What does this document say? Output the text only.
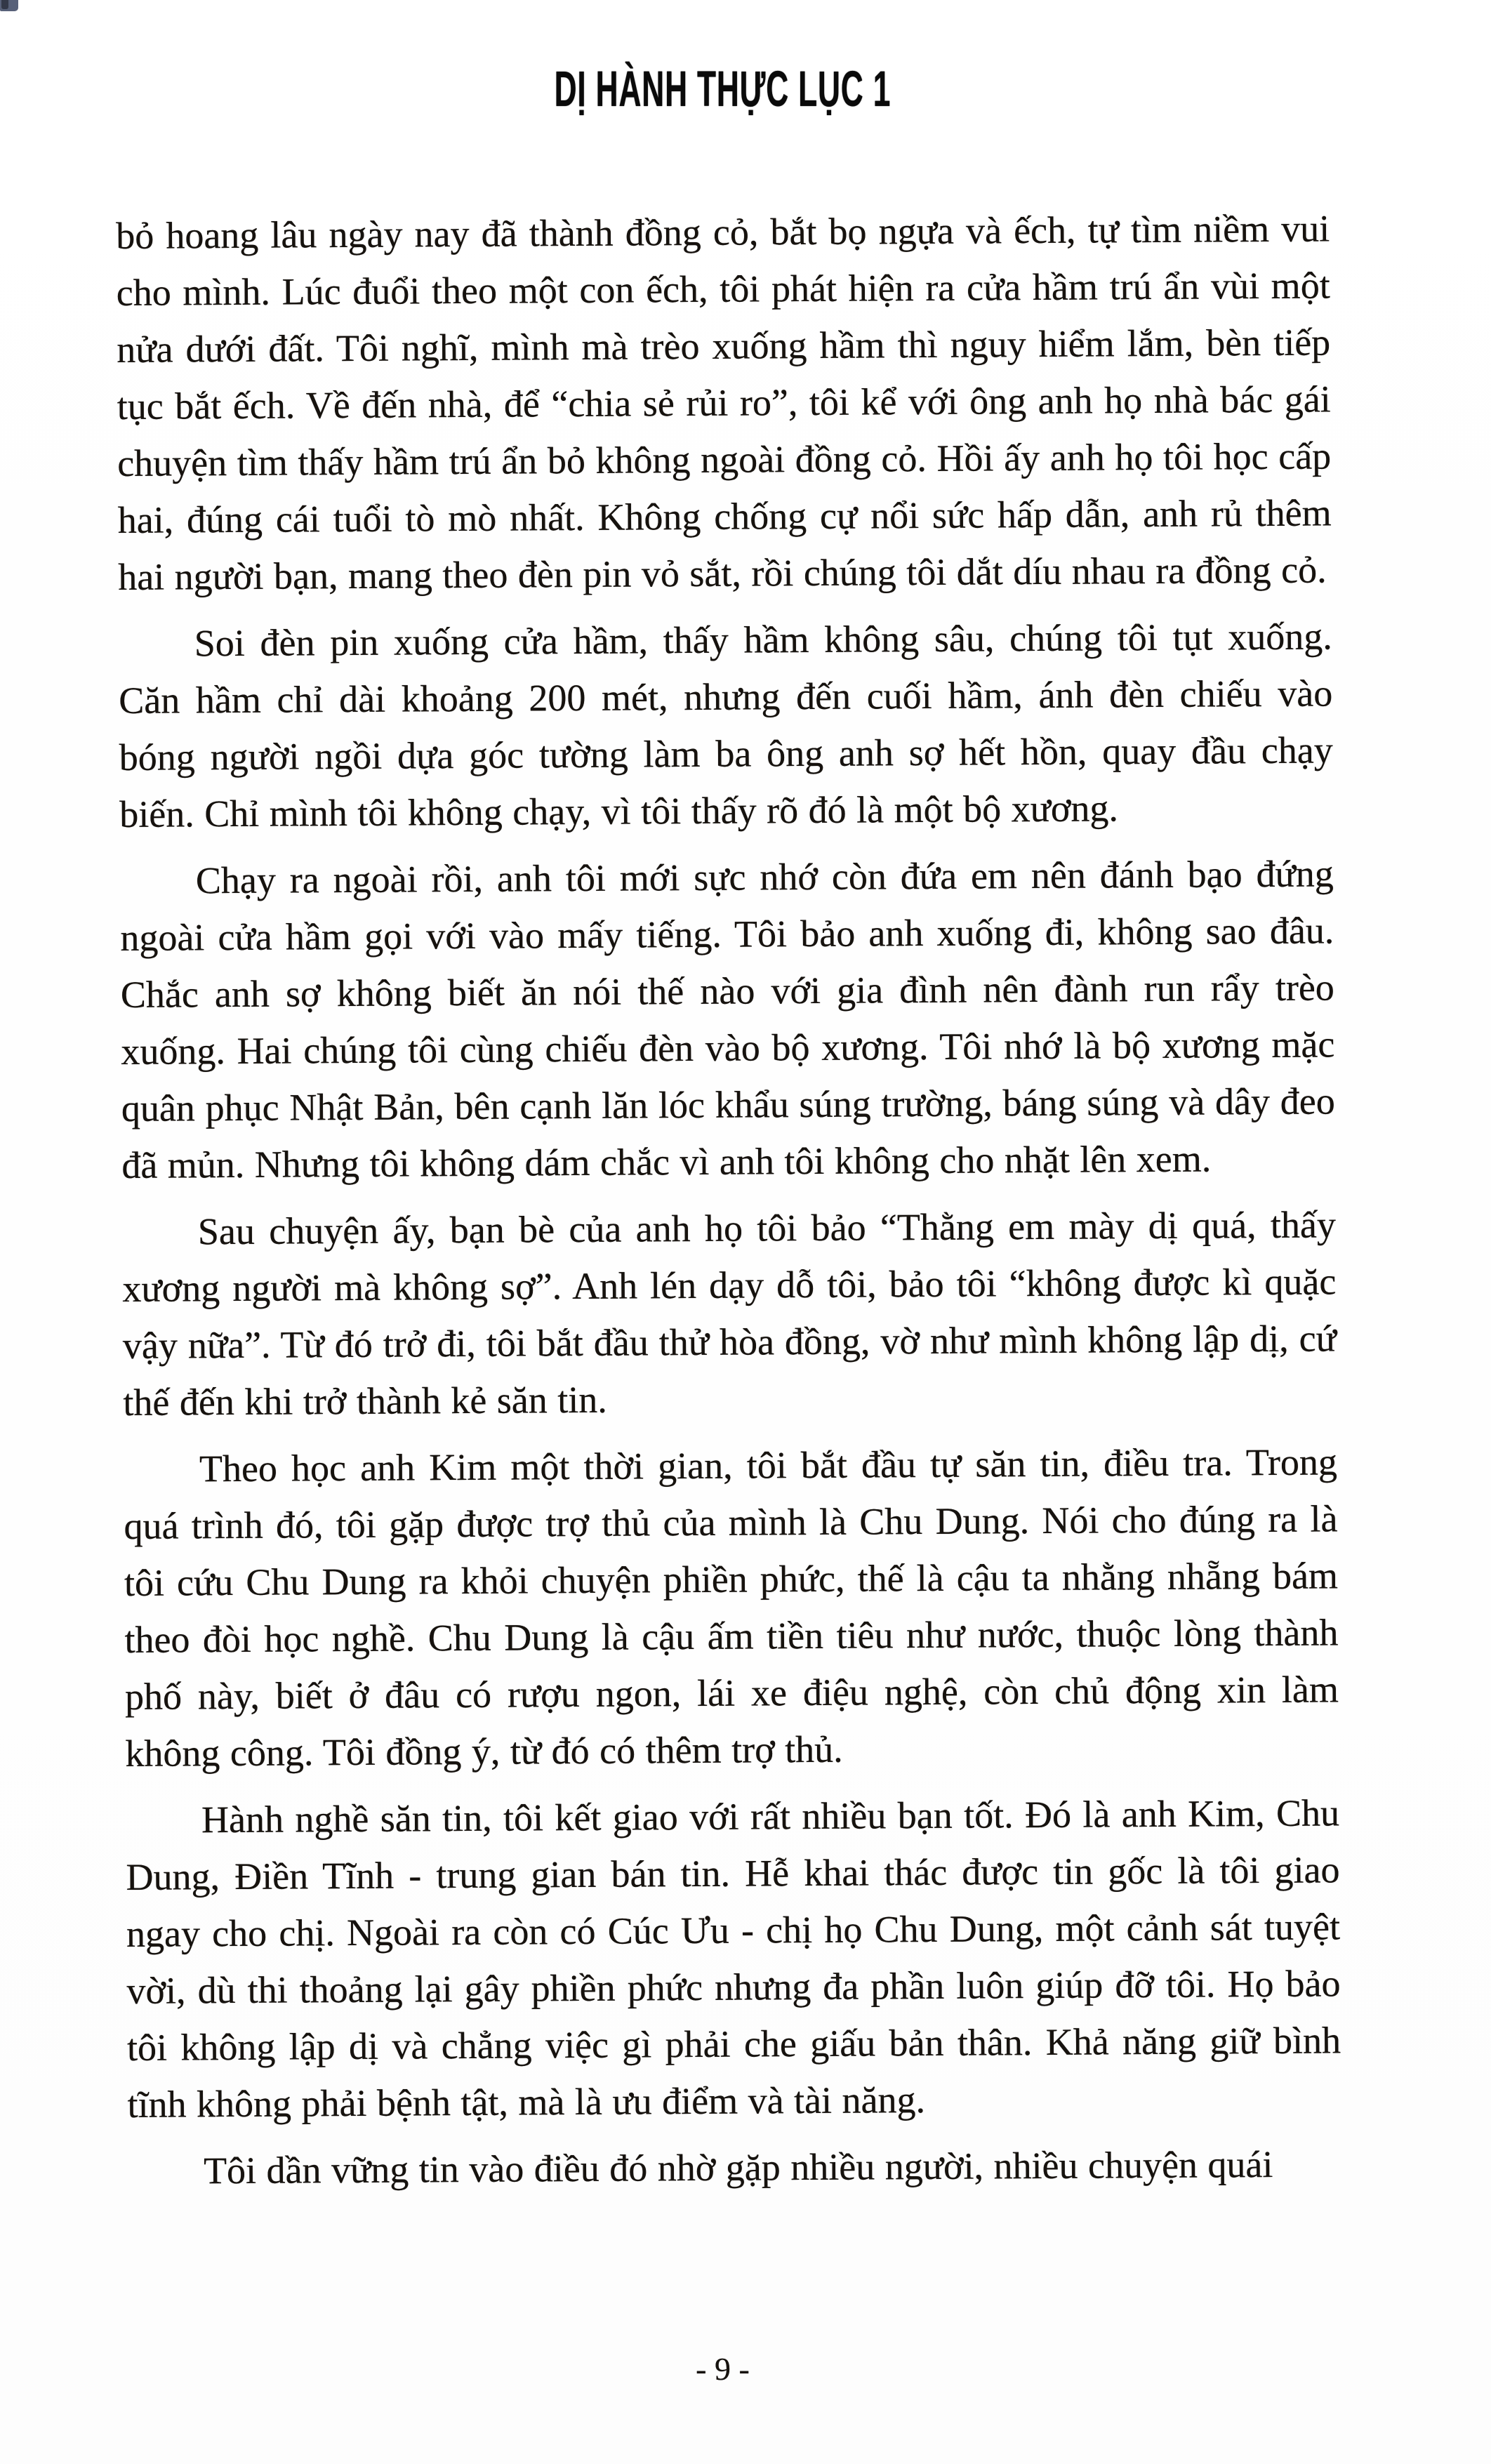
DỊ HÀNH THỰC LỤC 1

bỏ hoang lâu ngày nay đã thành đồng cỏ, bắt bọ ngựa và ếch, tự tìm niềm vui cho mình. Lúc đuổi theo một con ếch, tôi phát hiện ra cửa hầm trú ẩn vùi một nửa dưới đất. Tôi nghĩ, mình mà trèo xuống hầm thì nguy hiểm lắm, bèn tiếp tục bắt ếch. Về đến nhà, để “chia sẻ rủi ro”, tôi kể với ông anh họ nhà bác gái chuyện tìm thấy hầm trú ẩn bỏ không ngoài đồng cỏ. Hồi ấy anh họ tôi học cấp hai, đúng cái tuổi tò mò nhất. Không chống cự nổi sức hấp dẫn, anh rủ thêm hai người bạn, mang theo đèn pin vỏ sắt, rồi chúng tôi dắt díu nhau ra đồng cỏ.

Soi đèn pin xuống cửa hầm, thấy hầm không sâu, chúng tôi tụt xuống. Căn hầm chỉ dài khoảng 200 mét, nhưng đến cuối hầm, ánh đèn chiếu vào bóng người ngồi dựa góc tường làm ba ông anh sợ hết hồn, quay đầu chạy biến. Chỉ mình tôi không chạy, vì tôi thấy rõ đó là một bộ xương.

Chạy ra ngoài rồi, anh tôi mới sực nhớ còn đứa em nên đánh bạo đứng ngoài cửa hầm gọi với vào mấy tiếng. Tôi bảo anh xuống đi, không sao đâu. Chắc anh sợ không biết ăn nói thế nào với gia đình nên đành run rẩy trèo xuống. Hai chúng tôi cùng chiếu đèn vào bộ xương. Tôi nhớ là bộ xương mặc quân phục Nhật Bản, bên cạnh lăn lóc khẩu súng trường, báng súng và dây đeo đã mủn. Nhưng tôi không dám chắc vì anh tôi không cho nhặt lên xem.

Sau chuyện ấy, bạn bè của anh họ tôi bảo “Thằng em mày dị quá, thấy xương người mà không sợ”. Anh lén dạy dỗ tôi, bảo tôi “không được kì quặc vậy nữa”. Từ đó trở đi, tôi bắt đầu thử hòa đồng, vờ như mình không lập dị, cứ thế đến khi trở thành kẻ săn tin.

Theo học anh Kim một thời gian, tôi bắt đầu tự săn tin, điều tra. Trong quá trình đó, tôi gặp được trợ thủ của mình là Chu Dung. Nói cho đúng ra là tôi cứu Chu Dung ra khỏi chuyện phiền phức, thế là cậu ta nhằng nhẵng bám theo đòi học nghề. Chu Dung là cậu ấm tiền tiêu như nước, thuộc lòng thành phố này, biết ở đâu có rượu ngon, lái xe điệu nghệ, còn chủ động xin làm không công. Tôi đồng ý, từ đó có thêm trợ thủ.

Hành nghề săn tin, tôi kết giao với rất nhiều bạn tốt. Đó là anh Kim, Chu Dung, Điền Tĩnh - trung gian bán tin. Hễ khai thác được tin gốc là tôi giao ngay cho chị. Ngoài ra còn có Cúc Ưu - chị họ Chu Dung, một cảnh sát tuyệt vời, dù thi thoảng lại gây phiền phức nhưng đa phần luôn giúp đỡ tôi. Họ bảo tôi không lập dị và chẳng việc gì phải che giấu bản thân. Khả năng giữ bình tĩnh không phải bệnh tật, mà là ưu điểm và tài năng.

Tôi dần vững tin vào điều đó nhờ gặp nhiều người, nhiều chuyện quái

- 9 -
